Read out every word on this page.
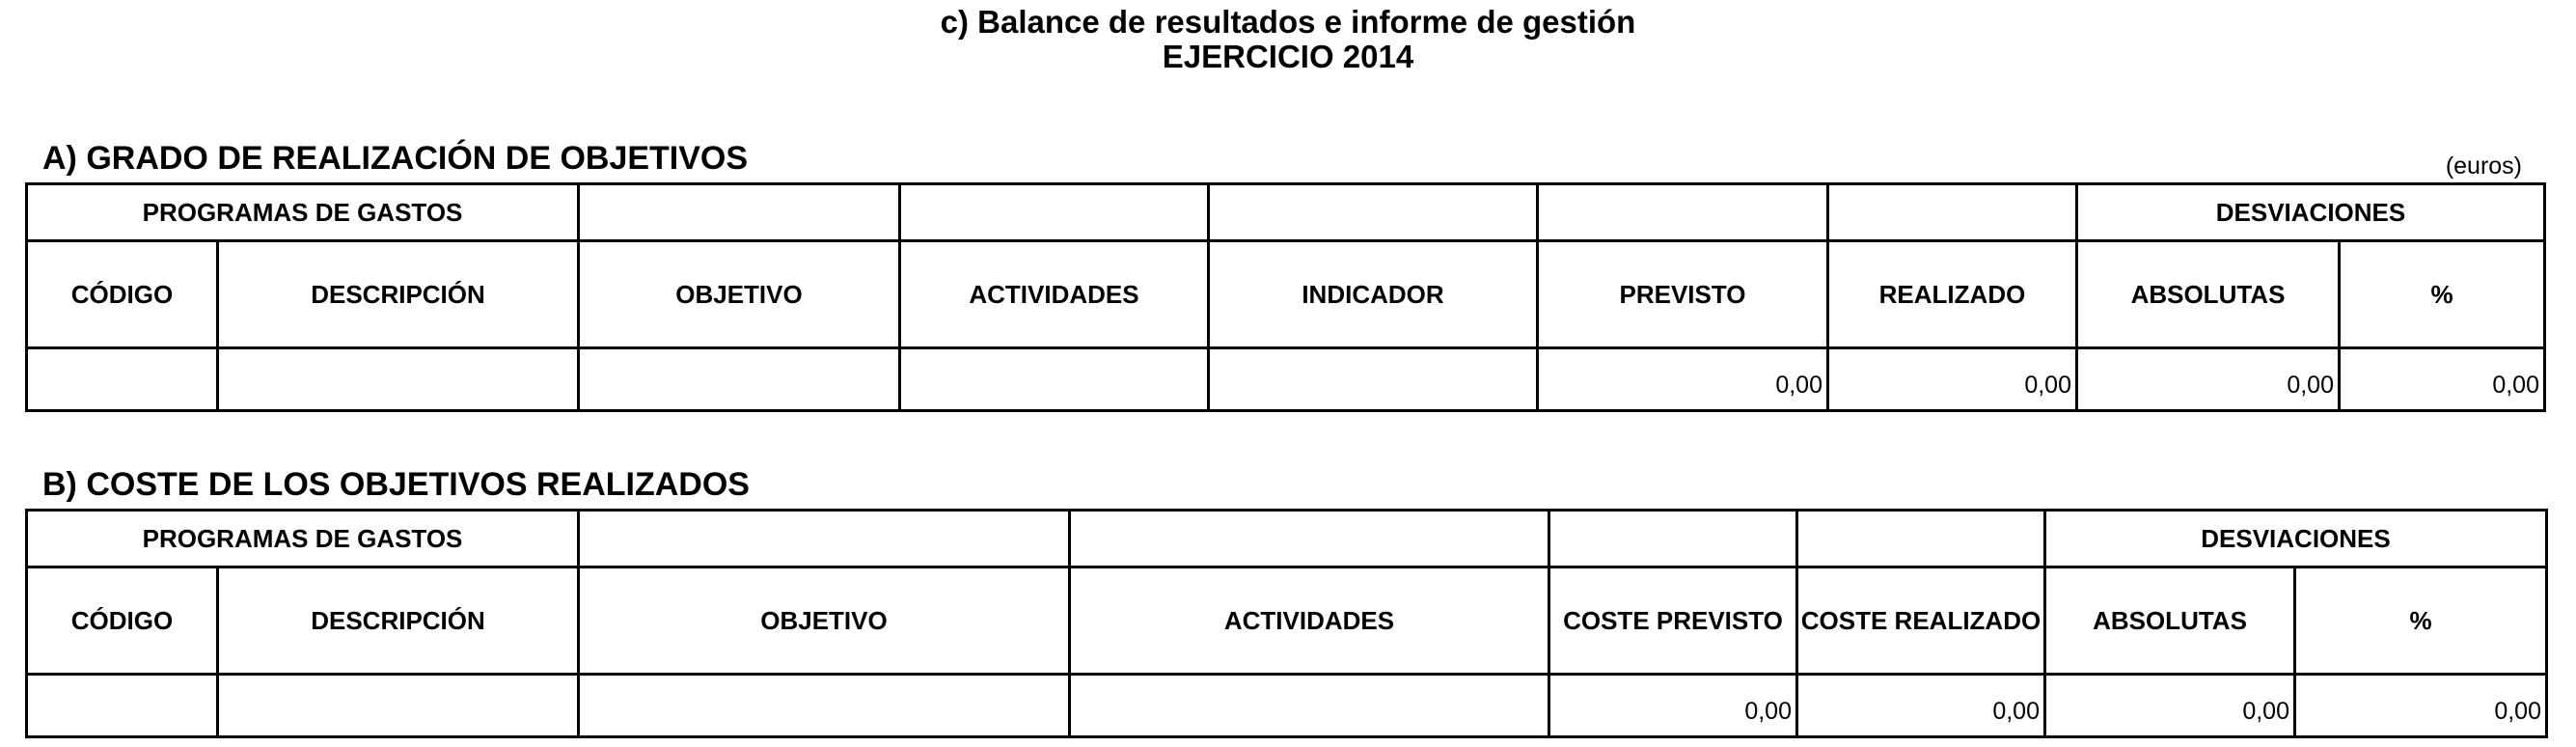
c) Balance de resultados e informe de gestión
EJERCICIO 2014
A) GRADO DE REALIZACIÓN DE OBJETIVOS	(euros)
PROGRAMAS DE GASTOS							DESVIACIONES	
CÓDIGO	DESCRIPCIÓN	OBJETIVO	ACTIVIDADES	INDICADOR	PREVISTO	REALIZADO	ABSOLUTAS	%
					0,00	0,00	0,00	0,00
B) COSTE DE LOS OBJETIVOS REALIZADOS
PROGRAMAS DE GASTOS						DESVIACIONES	
CÓDIGO	DESCRIPCIÓN	OBJETIVO	ACTIVIDADES	COSTE PREVISTO	COSTE REALIZADO	ABSOLUTAS	%
				0,00	0,00	0,00	0,00
